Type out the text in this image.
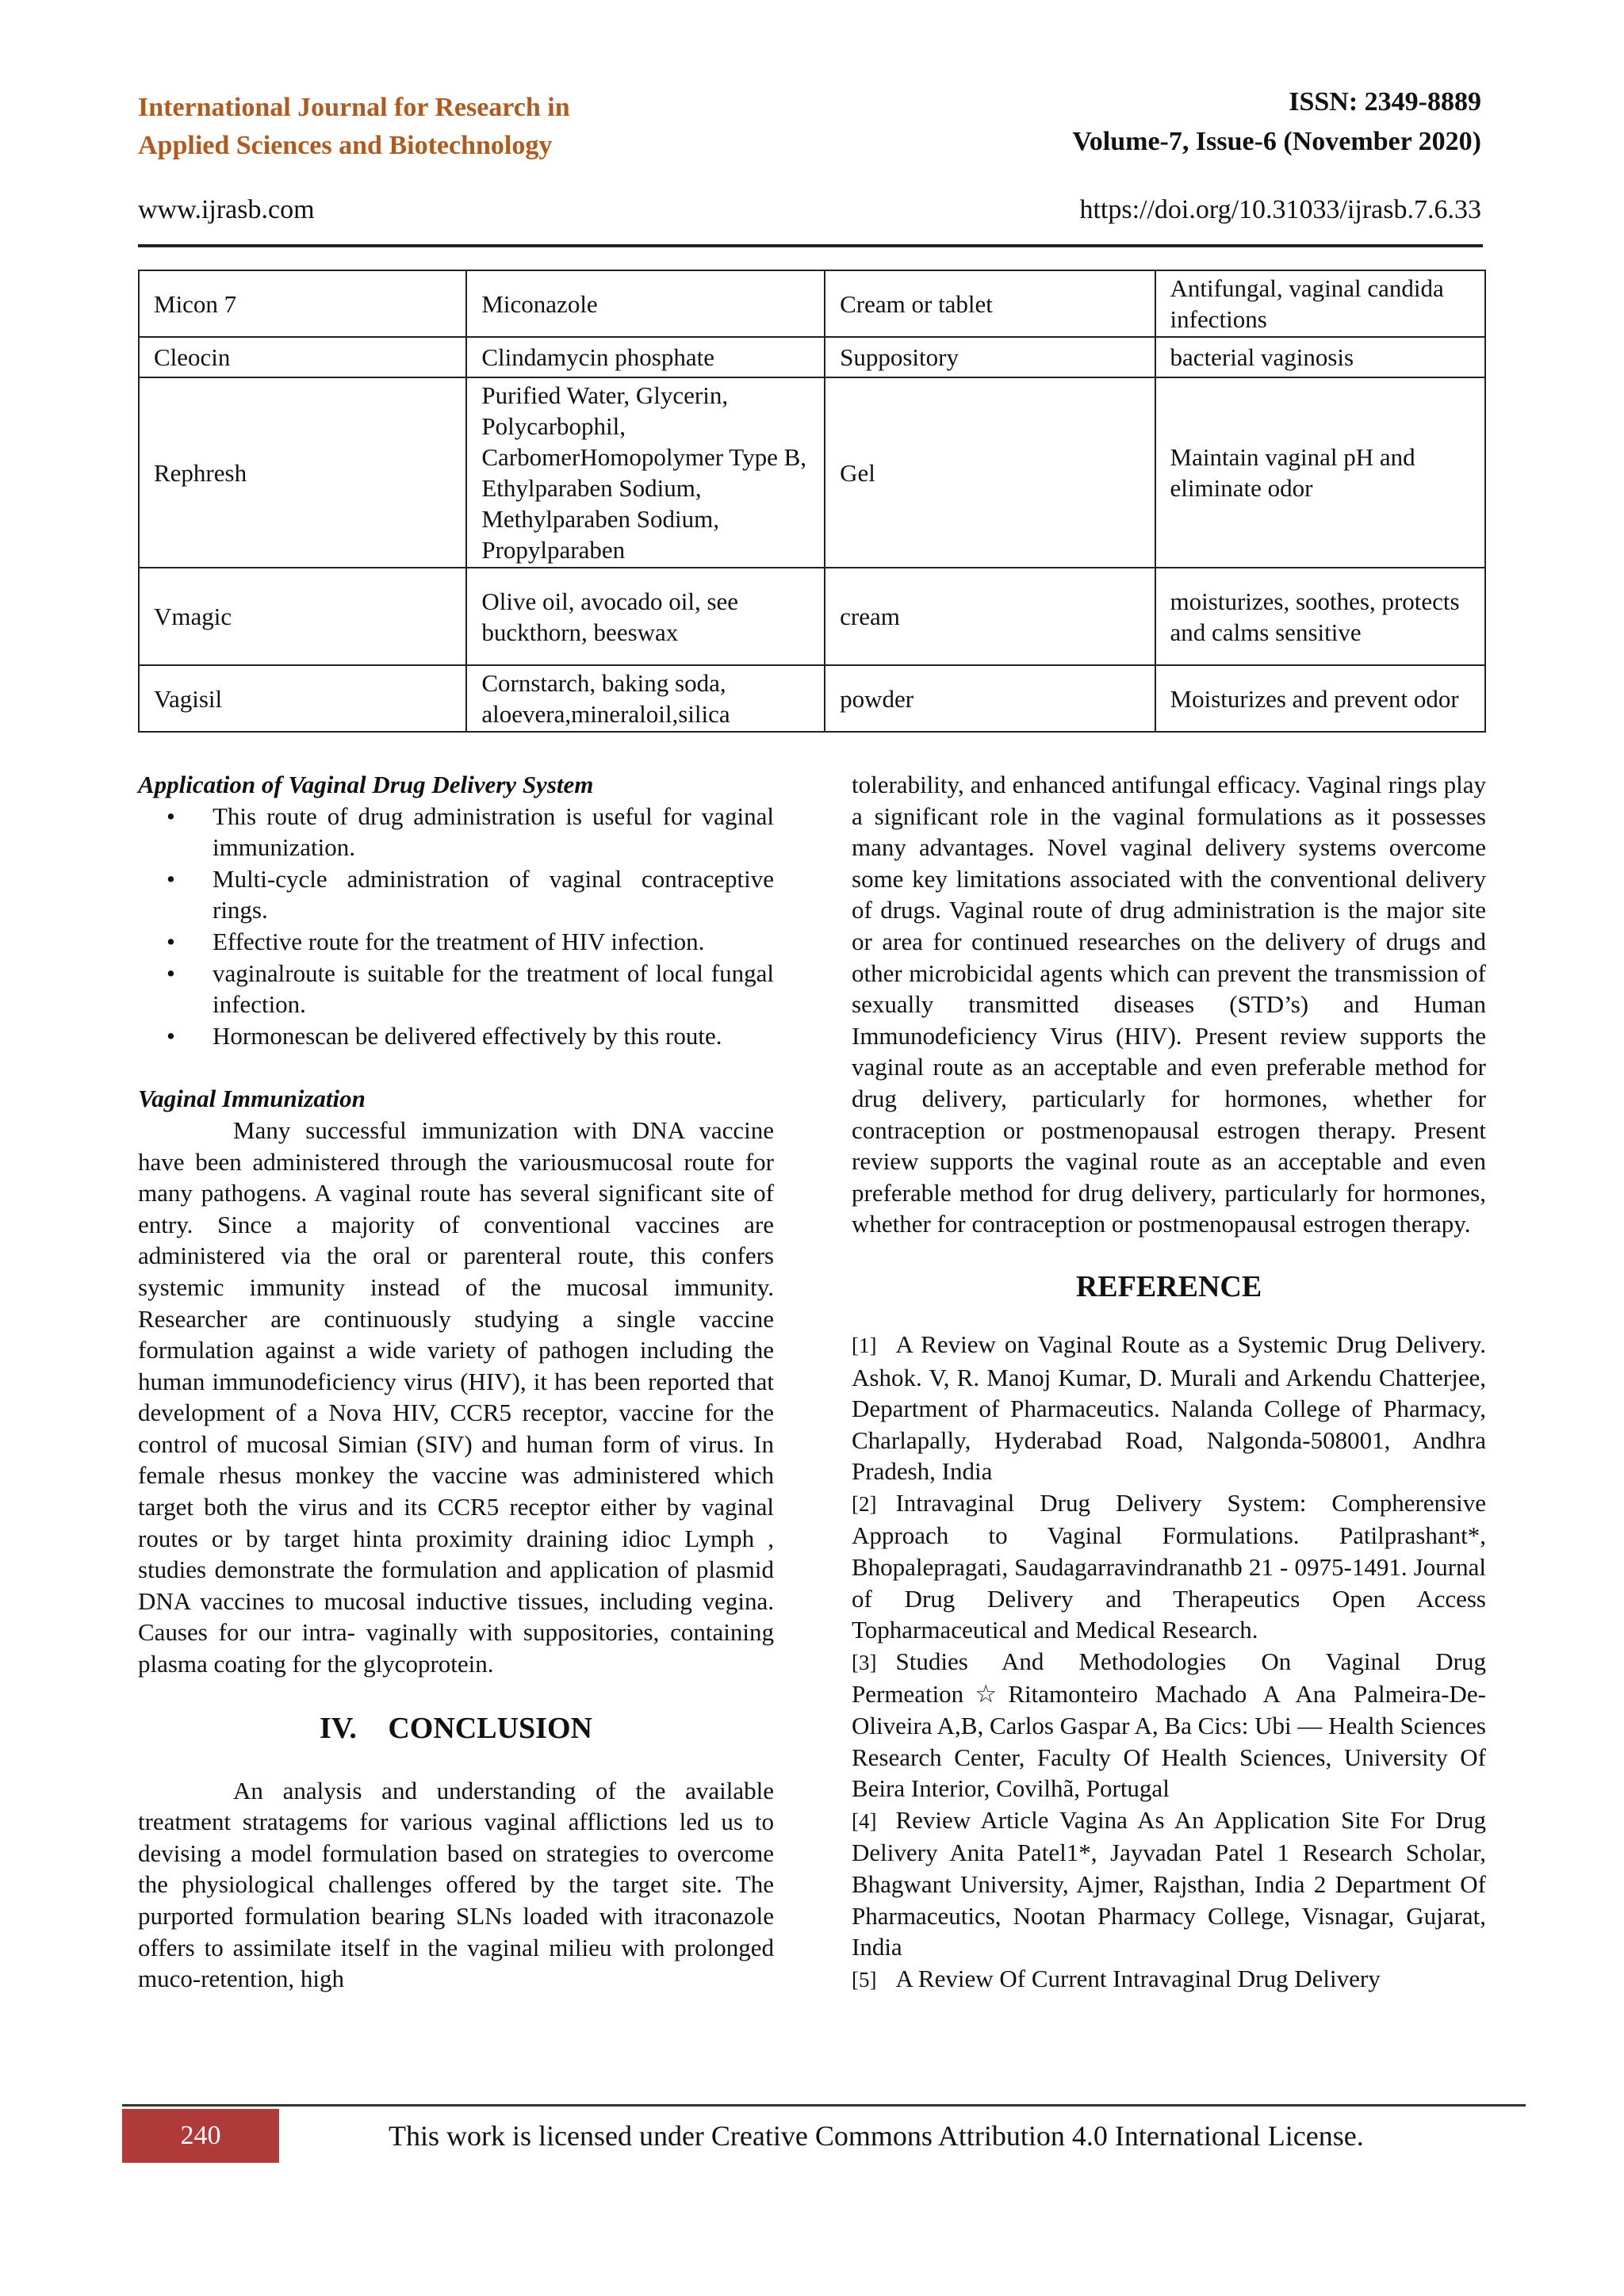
International Journal for Research in
Applied Sciences and Biotechnology
ISSN: 2349-8889
Volume-7, Issue-6 (November 2020)
www.ijrasb.com	https://doi.org/10.31033/ijrasb.7.6.33
Micon 7	Miconazole	Cream or tablet	Antifungal, vaginal candida infections
Cleocin	Clindamycin phosphate	Suppository	bacterial vaginosis
Rephresh	Purified Water, Glycerin, Polycarbophil, CarbomerHomopolymer Type B, Ethylparaben Sodium, Methylparaben Sodium, Propylparaben	Gel	Maintain vaginal pH and eliminate odor
Vmagic	Olive oil, avocado oil, see buckthorn, beeswax	cream	moisturizes, soothes, protects and calms sensitive
Vagisil	Cornstarch, baking soda, aloevera,mineraloil,silica	powder	Moisturizes and prevent odor

Application of Vaginal Drug Delivery System

• This route of drug administration is useful for vaginal immunization.
• Multi-cycle administration of vaginal contraceptive rings.
• Effective route for the treatment of HIV infection.
• vaginalroute is suitable for the treatment of local fungal infection.
• Hormonescan be delivered effectively by this route.

Vaginal Immunization

Many successful immunization with DNA vaccine have been administered through the variousmucosal route for many pathogens. A vaginal route has several significant site of entry. Since a majority of conventional vaccines are administered via the oral or parenteral route, this confers systemic immunity instead of the mucosal immunity. Researcher are continuously studying a single vaccine formulation against a wide variety of pathogen including the human immunodeficiency virus (HIV), it has been reported that development of a Nova HIV, CCR5 receptor, vaccine for the control of mucosal Simian (SIV) and human form of virus. In female rhesus monkey the vaccine was administered which target both the virus and its CCR5 receptor either by vaginal routes or by target hinta proximity draining idioc Lymph , studies demonstrate the formulation and application of plasmid DNA vaccines to mucosal inductive tissues, including vegina. Causes for our intra- vaginally with suppositories, containing plasma coating for the glycoprotein.

IV. CONCLUSION

An analysis and understanding of the available treatment stratagems for various vaginal afflictions led us to devising a model formulation based on strategies to overcome the physiological challenges offered by the target site. The purported formulation bearing SLNs loaded with itraconazole offers to assimilate itself in the vaginal milieu with prolonged muco-retention, high

tolerability, and enhanced antifungal efficacy. Vaginal rings play a significant role in the vaginal formulations as it possesses many advantages. Novel vaginal delivery systems overcome some key limitations associated with the conventional delivery of drugs. Vaginal route of drug administration is the major site or area for continued researches on the delivery of drugs and other microbicidal agents which can prevent the transmission of sexually transmitted diseases (STD’s) and Human Immunodeficiency Virus (HIV). Present review supports the vaginal route as an acceptable and even preferable method for drug delivery, particularly for hormones, whether for contraception or postmenopausal estrogen therapy. Present review supports the vaginal route as an acceptable and even preferable method for drug delivery, particularly for hormones, whether for contraception or postmenopausal estrogen therapy.

REFERENCE

[1] A Review on Vaginal Route as a Systemic Drug Delivery. Ashok. V, R. Manoj Kumar, D. Murali and Arkendu Chatterjee, Department of Pharmaceutics. Nalanda College of Pharmacy, Charlapally, Hyderabad Road, Nalgonda-508001, Andhra Pradesh, India

[2] Intravaginal Drug Delivery System: Compherensive Approach to Vaginal Formulations. Patilprashant*, Bhopalepragati, Saudagarravindranathb 21 - 0975-1491. Journal of Drug Delivery and Therapeutics Open Access Topharmaceutical and Medical Research.

[3] Studies And Methodologies On Vaginal Drug Permeation☆Ritamonteiro Machado A Ana Palmeira-De-Oliveira A,B, Carlos Gaspar A, Ba Cics: Ubi — Health Sciences Research Center, Faculty Of Health Sciences, University Of Beira Interior, Covilhã, Portugal

[4] Review Article Vagina As An Application Site For Drug Delivery Anita Patel1*, Jayvadan Patel 1 Research Scholar, Bhagwant University, Ajmer, Rajsthan, India 2 Department Of Pharmaceutics, Nootan Pharmacy College, Visnagar, Gujarat, India

[5] A Review Of Current Intravaginal Drug Delivery

240	This work is licensed under Creative Commons Attribution 4.0 International License.
